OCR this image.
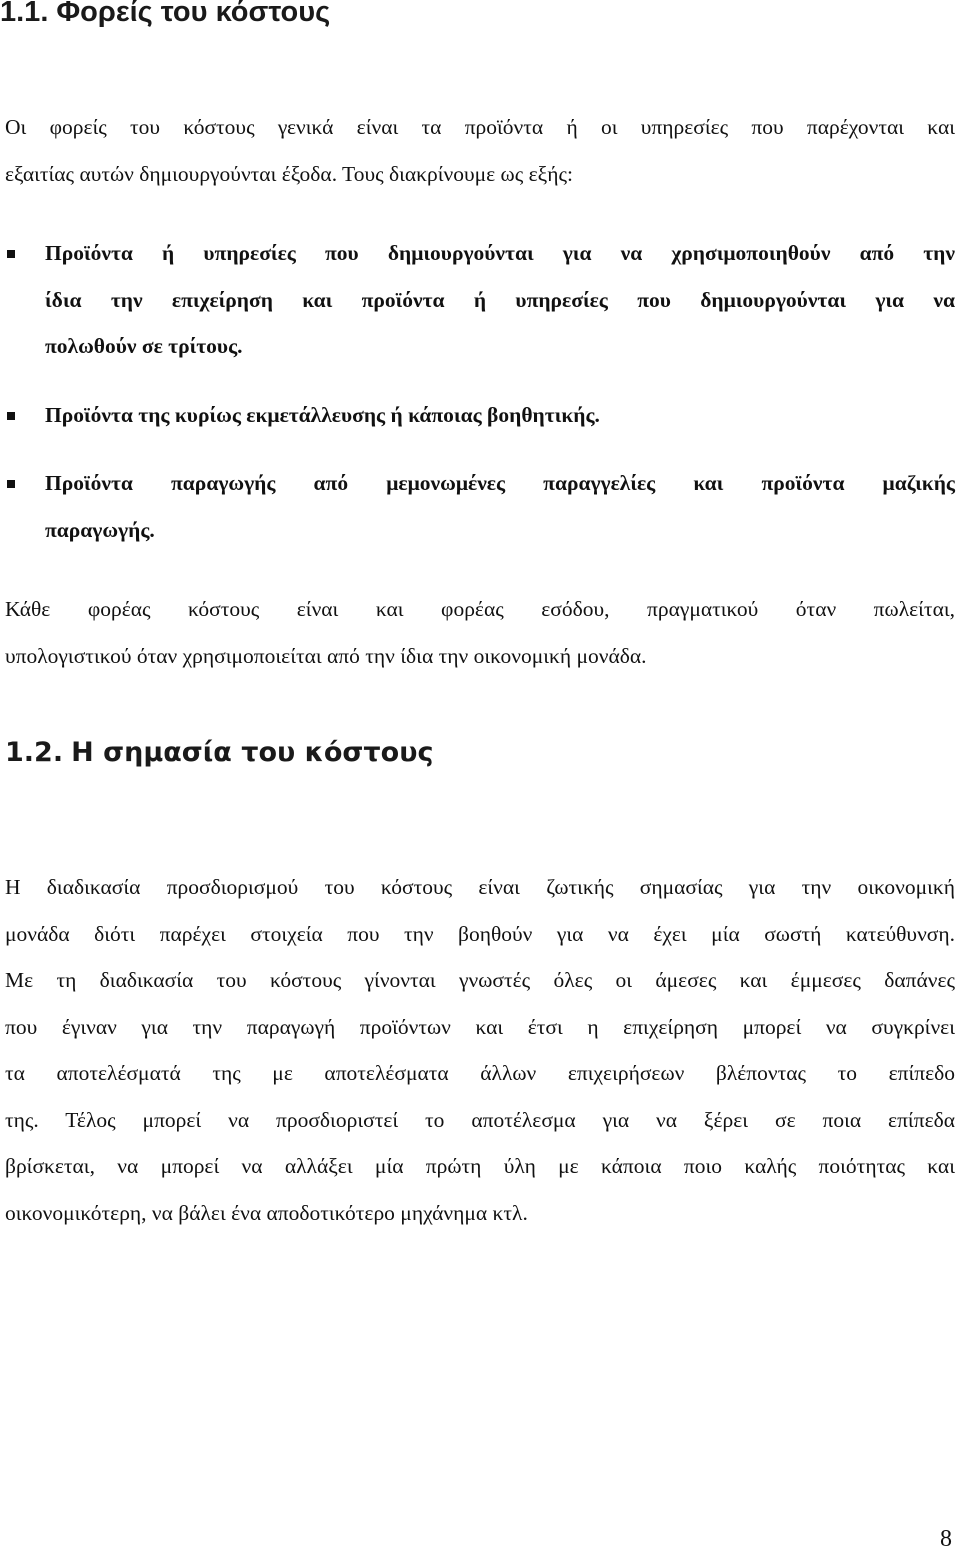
1.1. Φορείς του κόστους

Οι φορείς του κόστους γενικά είναι τα προϊόντα ή οι υπηρεσίες που παρέχονται και
εξαιτίας αυτών δημιουργούνται έξοδα. Τους διακρίνουμε ως εξής:

Προϊόντα ή υπηρεσίες που δημιουργούνται για να χρησιμοποιηθούν από την
ίδια την επιχείρηση και προϊόντα ή υπηρεσίες που δημιουργούνται για να
πολωθούν σε τρίτους.
Προϊόντα της κυρίως εκμετάλλευσης ή κάποιας βοηθητικής.
Προϊόντα παραγωγής από μεμονωμένες παραγγελίες και προϊόντα μαζικής
παραγωγής.

Κάθε φορέας κόστους είναι και φορέας εσόδου, πραγματικού όταν πωλείται,
υπολογιστικού όταν χρησιμοποιείται από την ίδια την οικονομική μονάδα.

1.2. Η σημασία του κόστους

Η διαδικασία προσδιορισμού του κόστους είναι ζωτικής σημασίας για την οικονομική
μονάδα διότι παρέχει στοιχεία που την βοηθούν για να έχει μία σωστή κατεύθυνση.
Με τη διαδικασία του κόστους γίνονται γνωστές όλες οι άμεσες και έμμεσες δαπάνες
που έγιναν για την παραγωγή προϊόντων και έτσι η επιχείρηση μπορεί να συγκρίνει
τα αποτελέσματά της με αποτελέσματα άλλων επιχειρήσεων βλέποντας το επίπεδο
της. Τέλος μπορεί να προσδιοριστεί το αποτέλεσμα για να ξέρει σε ποια επίπεδα
βρίσκεται, να μπορεί να αλλάξει μία πρώτη ύλη με κάποια ποιο καλής ποιότητας και
οικονομικότερη, να βάλει ένα αποδοτικότερο μηχάνημα κτλ.

8
